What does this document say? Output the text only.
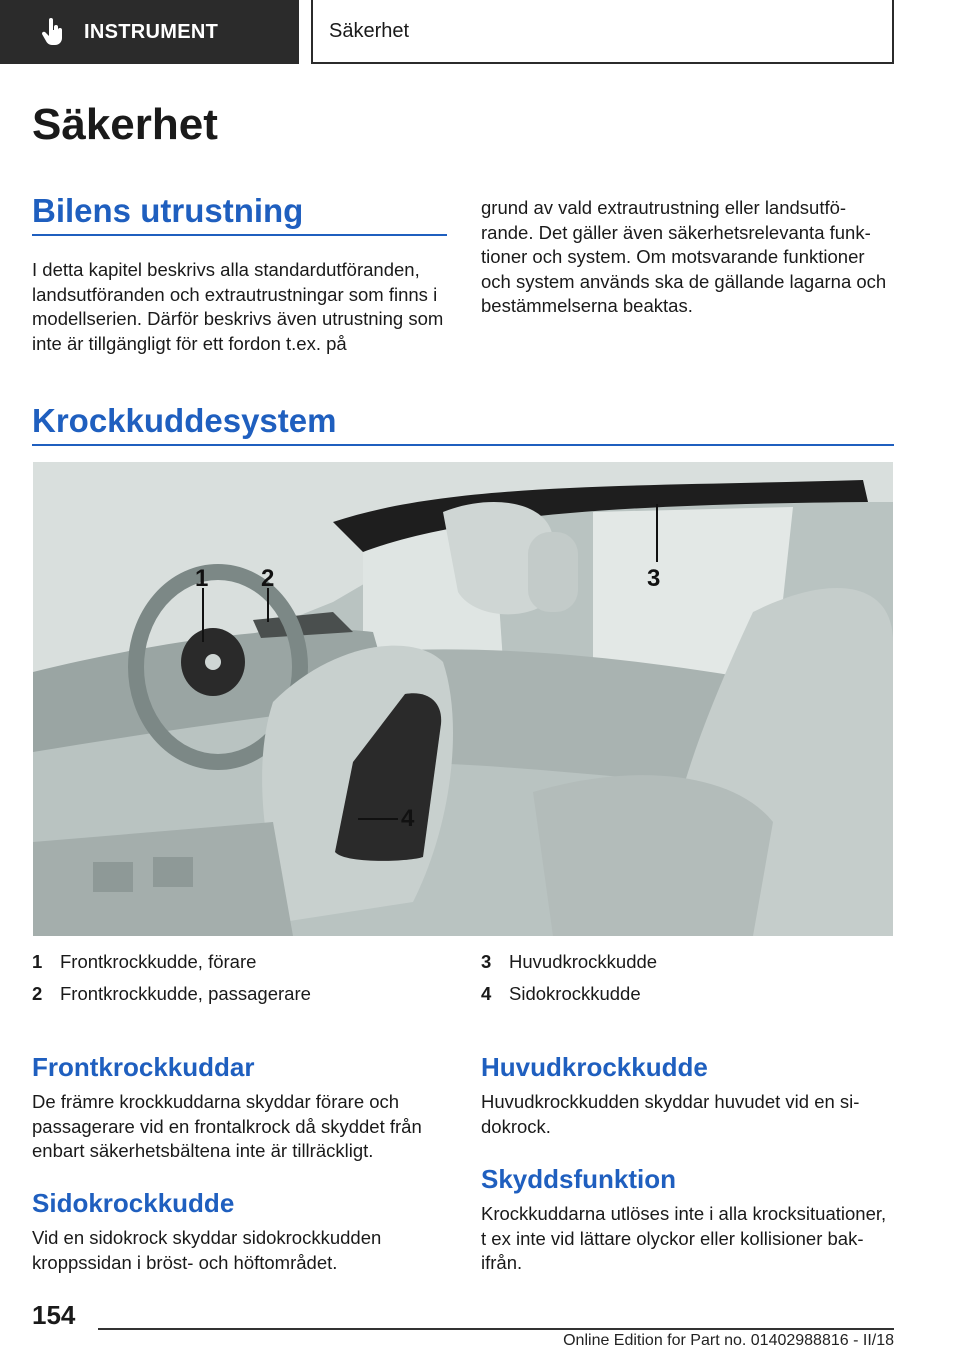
INSTRUMENT	Säkerhet
Säkerhet
Bilens utrustning

I detta kapitel beskrivs alla standardutföranden, landsutföranden och extrautrustningar som finns i modellserien. Därför beskrivs även utrustning som inte är tillgängligt för ett fordon t.ex. på

grund av vald extrautrustning eller landsutfö-rande. Det gäller även säkerhetsrelevanta funk-tioner och system. Om motsvarande funktioner och system används ska de gällande lagarna och bestämmelserna beaktas.

Krockkuddesystem
1 2	3
4
1 Frontkrockkudde, förare
2 Frontkrockkudde, passagerare
3 Huvudkrockkudde
4 Sidokrockkudde
Frontkrockkuddar

De främre krockkuddarna skyddar förare och passagerare vid en frontalkrock då skyddet från enbart säkerhetsbältena inte är tillräckligt.

Sidokrockkudde

Vid en sidokrock skyddar sidokrockkudden kroppssidan i bröst- och höftområdet.

Huvudkrockkudde

Huvudkrockkudden skyddar huvudet vid en si-dokrock.

Skyddsfunktion

Krockkuddarna utlöses inte i alla krocksituationer, t ex inte vid lättare olyckor eller kollisioner bak-ifrån.

154
Online Edition for Part no. 01402988816 - II/18
